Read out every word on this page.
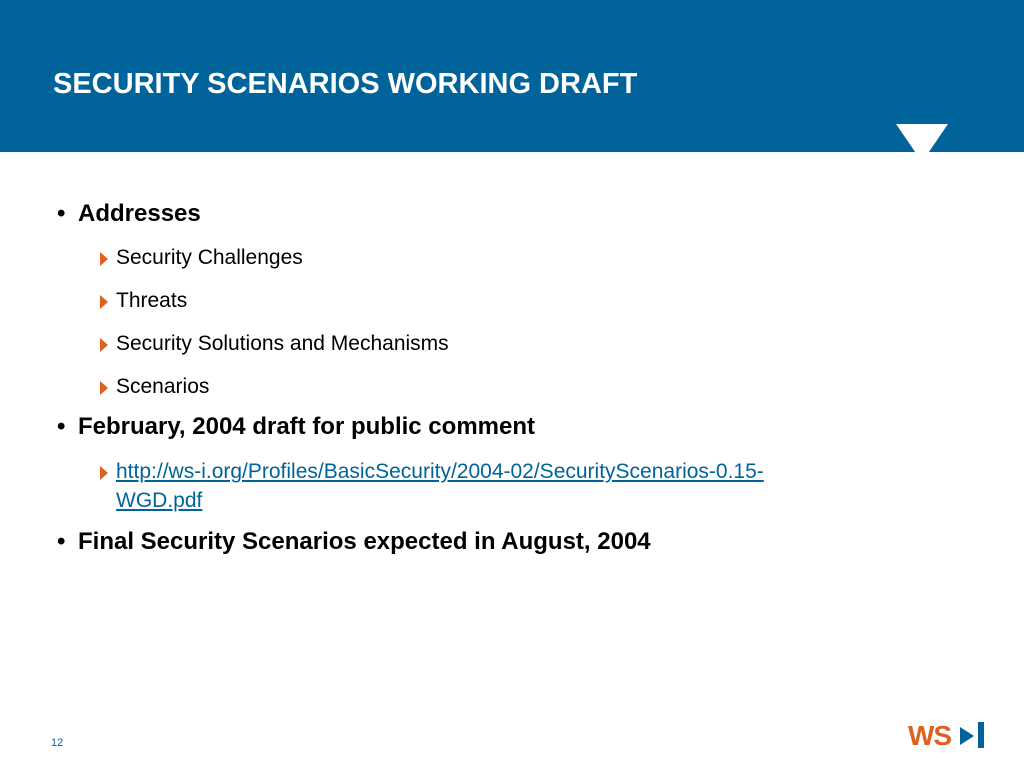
SECURITY SCENARIOS WORKING DRAFT
• Addresses
Security Challenges
Threats
Security Solutions and Mechanisms
Scenarios
• February, 2004 draft for public comment
http://ws-i.org/Profiles/BasicSecurity/2004-02/SecurityScenarios-0.15-
WGD.pdf
• Final Security Scenarios expected in August, 2004
12	WS
